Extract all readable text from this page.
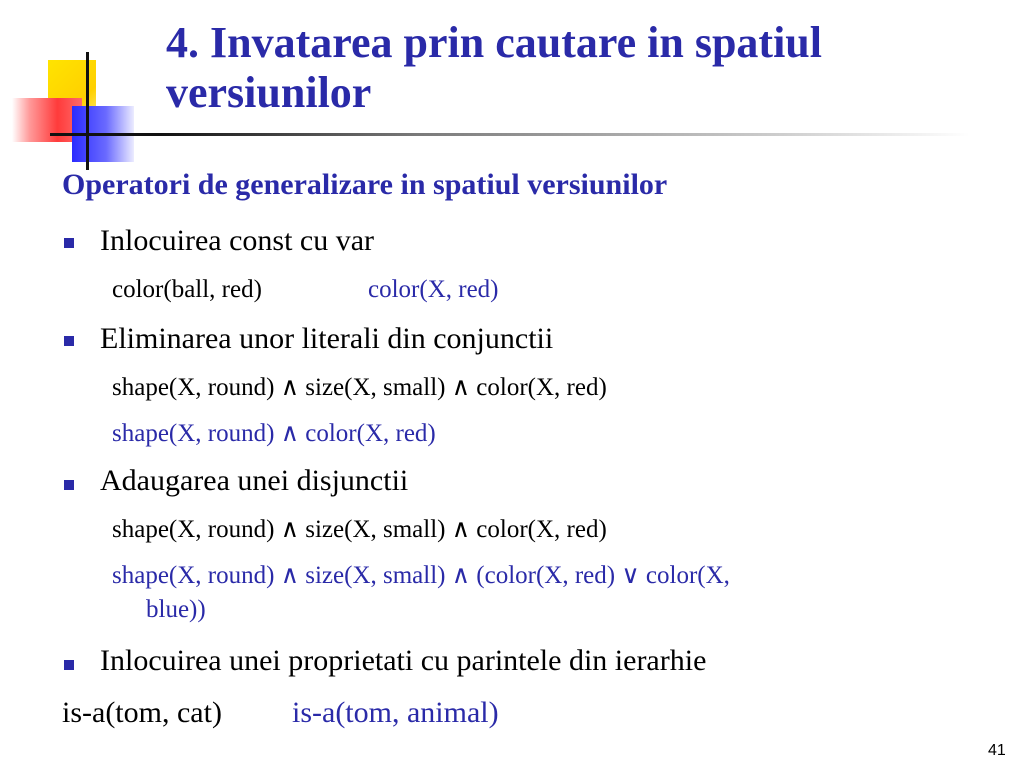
4. Invatarea prin cautare in spatiul versiunilor
Operatori de generalizare in spatiul versiunilor
Inlocuirea const cu var
color(ball, red)	color(X, red)
Eliminarea unor literali din conjunctii
shape(X, round) ∧ size(X, small) ∧ color(X, red)
shape(X, round) ∧ color(X, red)
Adaugarea unei disjunctii
shape(X, round) ∧ size(X, small) ∧ color(X, red)
shape(X, round) ∧ size(X, small) ∧ (color(X, red) ∨ color(X,
blue))
Inlocuirea unei proprietati cu parintele din ierarhie
is-a(tom, cat) is-a(tom, animal)
41
